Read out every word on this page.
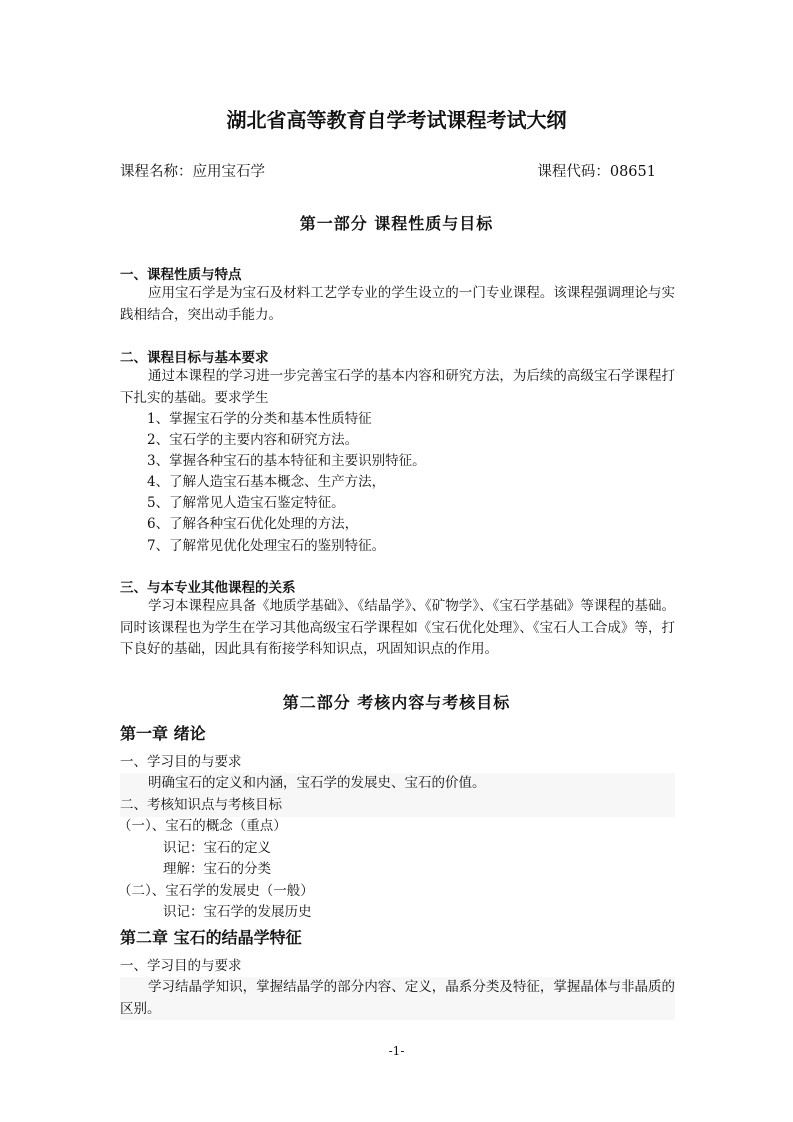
湖北省高等教育自学考试课程考试大纲
课程名称：应用宝石学	课程代码：08651
第一部分 课程性质与目标
一、课程性质与特点

应用宝石学是为宝石及材料工艺学专业的学生设立的一门专业课程。该课程强调理论与实践相结合，突出动手能力。

二、课程目标与基本要求

通过本课程的学习进一步完善宝石学的基本内容和研究方法，为后续的高级宝石学课程打下扎实的基础。要求学生

1、掌握宝石学的分类和基本性质特征
2、宝石学的主要内容和研究方法。
3、掌握各种宝石的基本特征和主要识别特征。
4、了解人造宝石基本概念、生产方法，
5、了解常见人造宝石鉴定特征。
6、了解各种宝石优化处理的方法，
7、了解常见优化处理宝石的鉴别特征。
三、与本专业其他课程的关系

学习本课程应具备《地质学基础》、《结晶学》、《矿物学》、《宝石学基础》等课程的基础。同时该课程也为学生在学习其他高级宝石学课程如《宝石优化处理》、《宝石人工合成》等，打下良好的基础，因此具有衔接学科知识点，巩固知识点的作用。

第二部分 考核内容与考核目标
第一章 绪论
一、学习目的与要求
明确宝石的定义和内涵，宝石学的发展史、宝石的价值。
二、考核知识点与考核目标
（一）、宝石的概念（重点）
识记：宝石的定义
理解：宝石的分类
（二）、宝石学的发展史（一般）
识记：宝石学的发展历史
第二章 宝石的结晶学特征
一、学习目的与要求

学习结晶学知识，掌握结晶学的部分内容、定义，晶系分类及特征，掌握晶体与非晶质的区别。

-1-
